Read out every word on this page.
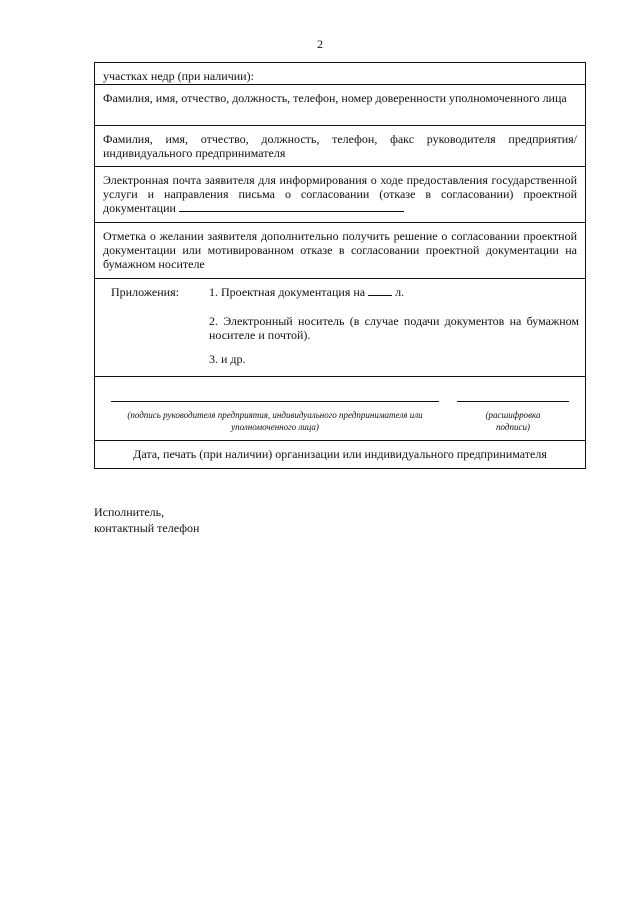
2
участках недр (при наличии):
Фамилия, имя, отчество, должность, телефон, номер доверенности уполномоченного лица
Фамилия, имя, отчество, должность, телефон, факс руководителя предприятия/ индивидуального предпринимателя
Электронная почта заявителя для информирования о ходе предоставления государственной услуги и направления письма о согласовании (отказе в согласовании) проектной документации
Отметка о желании заявителя дополнительно получить решение о согласовании проектной документации или мотивированном отказе в согласовании проектной документации на бумажном носителе
Приложения:	1. Проектная документация на	л.
2. Электронный носитель (в случае подачи документов на бумажном носителе и почтой).
3. и др.
(подпись руководителя предприятия, индивидуального предпринимателя или уполномоченного лица)
(расшифровка подписи)
Дата, печать (при наличии) организации или индивидуального предпринимателя
Исполнитель,
контактный телефон
